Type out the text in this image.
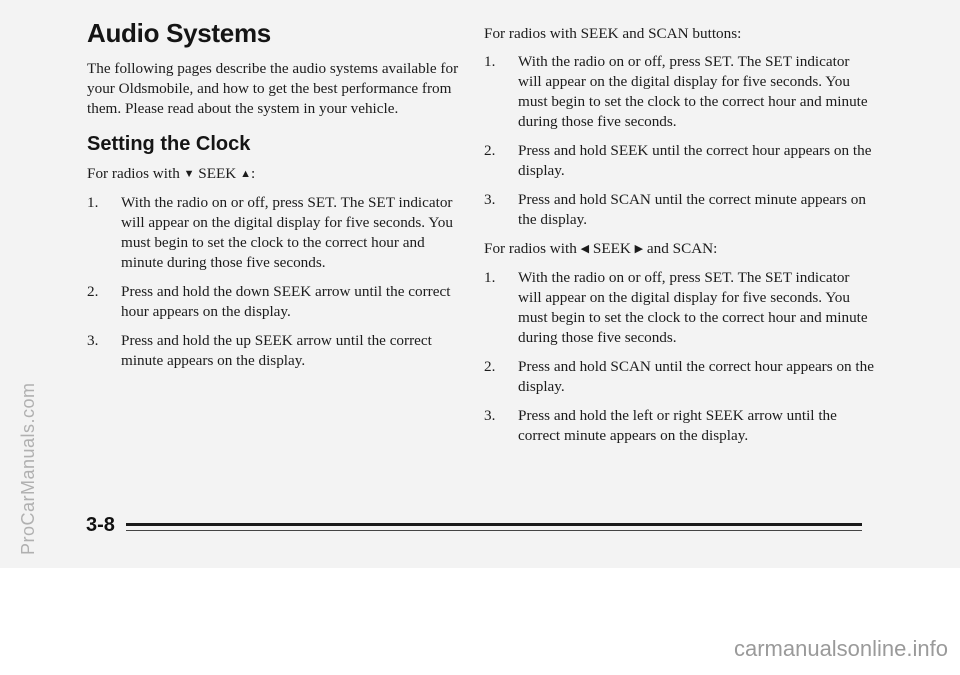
Audio Systems

The following pages describe the audio systems available for your Oldsmobile, and how to get the best performance from them. Please read about the system in your vehicle.

Setting the Clock

For radios with ▼ SEEK ▲:

1. With the radio on or off, press SET. The SET indicator will appear on the digital display for five seconds. You must begin to set the clock to the correct hour and minute during those five seconds.
2. Press and hold the down SEEK arrow until the correct hour appears on the display.
3. Press and hold the up SEEK arrow until the correct minute appears on the display.

For radios with SEEK and SCAN buttons:

1. With the radio on or off, press SET. The SET indicator will appear on the digital display for five seconds. You must begin to set the clock to the correct hour and minute during those five seconds.
2. Press and hold SEEK until the correct hour appears on the display.
3. Press and hold SCAN until the correct minute appears on the display.

For radios with ◀ SEEK ▶ and SCAN:

1. With the radio on or off, press SET. The SET indicator will appear on the digital display for five seconds. You must begin to set the clock to the correct hour and minute during those five seconds.
2. Press and hold SCAN until the correct hour appears on the display.
3. Press and hold the left or right SEEK arrow until the correct minute appears on the display.
3-8
ProCarManuals.com
carmanualsonline.info
